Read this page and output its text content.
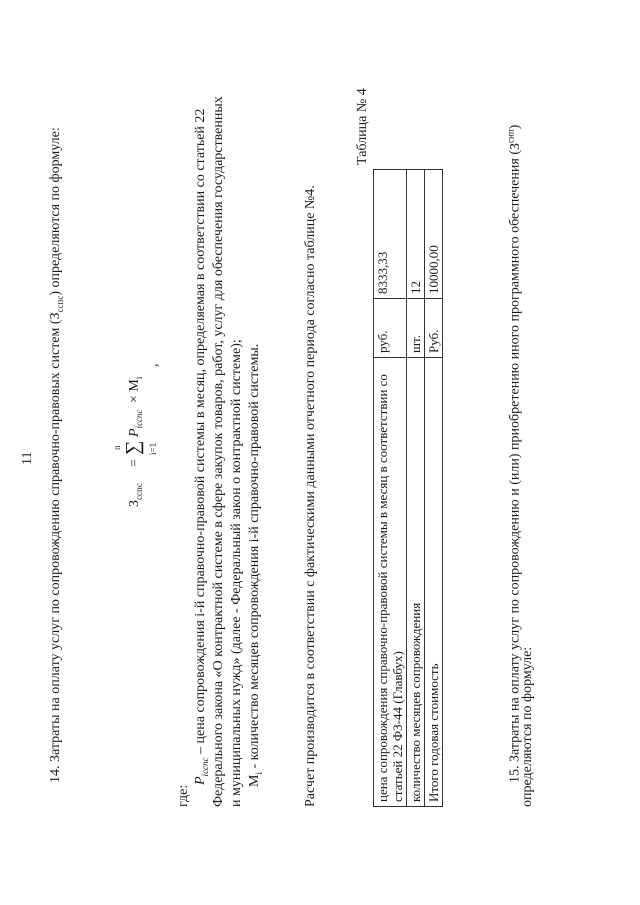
11 14. Затраты на оплату услуг по сопровождению справочно-правовых систем $(З_{сспс})$ определяются по формуле:
$З_{сспс}$
=
n ∑ i=1
$P_{iсспс}$
× $M_i$
,
где:
$P_{iсспс}$ – цена сопровождения i-й справочно-правовой системы в месяц, определяемая в соответствии со статьей 22 Федерального закона «О контрактной системе в сфере закупок товаров, работ, услуг для обеспечения государственных и муниципальных нужд» (далее - Федеральный закон о контрактной системе); $M_i$ - количество месяцев сопровождения i-й справочно-правовой системы.	Расчет производится в соответствии с фактическими данными отчетного периода согласно таблице №4.
Таблица № 4
цена сопровождения справочно-правовой системы в месяц в соответствии со
статьей 22 ФЗ-44 (Главбух)	руб.	8333,33
количество месяцев сопровождения	шт.	12
Итого годовая стоимость	Руб.	10000,00	15. Затраты на оплату услуг по сопровождению и (или) приобретению иного программного обеспечения $(З^{сип})$
определяются по формуле:
